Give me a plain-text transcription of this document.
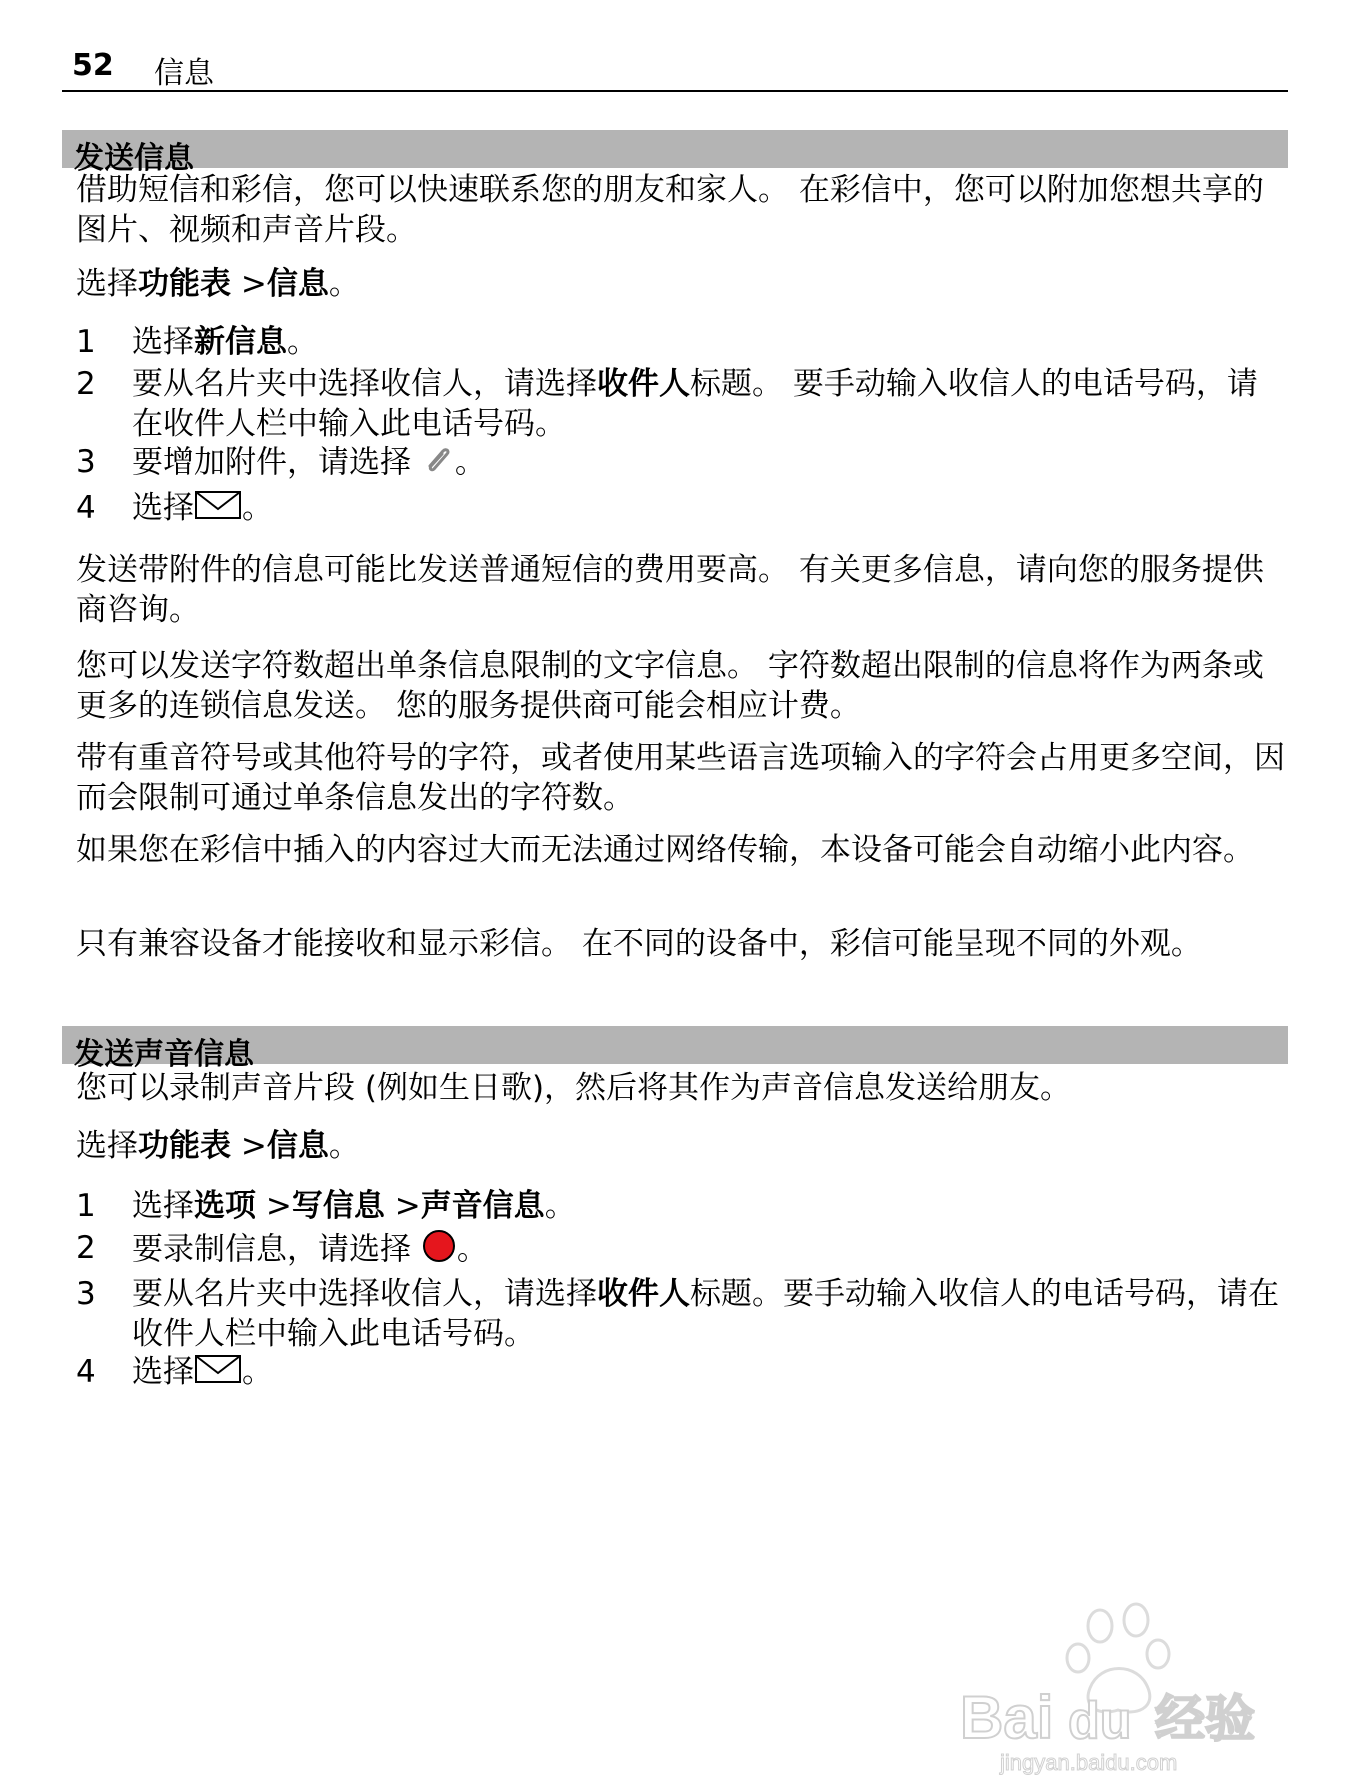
52 信息
发送信息
借助短信和彩信，您可以快速联系您的朋友和家人。 在彩信中，您可以附加您想共享的图片、视频和声音片段。
选择功能表 >信息。
1 选择新信息。
2 要从名片夹中选择收信人，请选择收件人标题。 要手动输入收信人的电话号码，请在收件人栏中输入此电话号码。
3 要增加附件，请选择 。
4 选择 。
发送带附件的信息可能比发送普通短信的费用要高。 有关更多信息，请向您的服务提供商咨询。
您可以发送字符数超出单条信息限制的文字信息。 字符数超出限制的信息将作为两条或更多的连锁信息发送。 您的服务提供商可能会相应计费。
带有重音符号或其他符号的字符，或者使用某些语言选项输入的字符会占用更多空间，因而会限制可通过单条信息发出的字符数。
如果您在彩信中插入的内容过大而无法通过网络传输，本设备可能会自动缩小此内容。
只有兼容设备才能接收和显示彩信。 在不同的设备中，彩信可能呈现不同的外观。
发送声音信息
您可以录制声音片段 (例如生日歌)，然后将其作为声音信息发送给朋友。
选择功能表 >信息。
1 选择选项 >写信息 >声音信息。
2 要录制信息，请选择 。
3 要从名片夹中选择收信人，请选择收件人标题。要手动输入收信人的电话号码，请在收件人栏中输入此电话号码。
4 选择 。
Bai du 经验
jingyan.baidu.com
